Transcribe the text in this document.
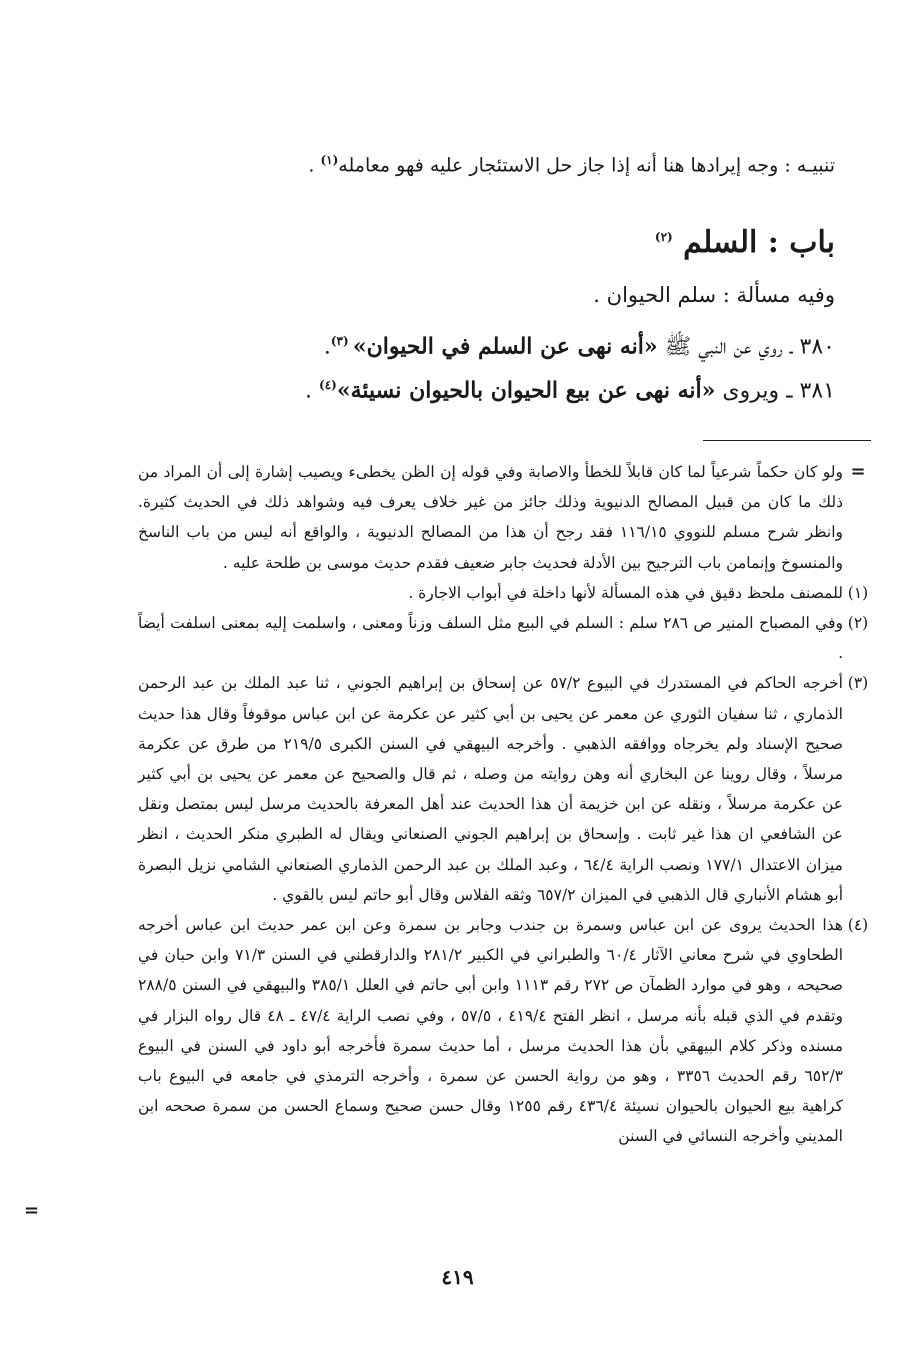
تنبيـه : وجه إيرادها هنا أنه إذا جاز حل الاستئجار عليه فهو معامله$^{(١)}$ .
باب : السلم $^{(٢)}$
وفيه مسألة : سلم الحيوان .
٣٨٠ ـ روي عن النبي ﷺ «أنه نهى عن السلم في الحيوان» $^{(٣)}$.
٣٨١ ـ ويروى «أنه نهى عن بيع الحيوان بالحيوان نسيئة»$^{(٤)}$ .
=
ولو كان حكماً شرعياً لما كان قابلاً للخطأ والاصابة وفي قوله إن الظن يخطىء ويصيب إشارة إلى أن المراد من ذلك ما كان من قبيل المصالح الدنيوية وذلك جائز من غير خلاف يعرف فيه وشواهد ذلك في الحديث كثيرة. وانظر شرح مسلم للنووي ١١٦/١٥ فقد رجح أن هذا من المصالح الدنيوية ، والواقع أنه ليس من باب الناسخ والمنسوخ وإنمامن باب الترجيح بين الأدلة فحديث جابر ضعيف فقدم حديث موسى بن طلحة عليه .
(١)
للمصنف ملحظ دقيق في هذه المسألة لأنها داخلة في أبواب الاجارة .
(٢)
وفي المصباح المنير ص ٢٨٦ سلم : السلم في البيع مثل السلف وزناً ومعنى ، واسلمت إليه بمعنى اسلفت أيضاً .
(٣)
أخرجه الحاكم في المستدرك في البيوع ٥٧/٢ عن إسحاق بن إبراهيم الجوني ، ثنا عبد الملك بن عبد الرحمن الذماري ، ثنا سفيان الثوري عن معمر عن يحيى بن أبي كثير عن عكرمة عن ابن عباس موقوفاً وقال هذا حديث صحيح الإسناد ولم يخرجاه ووافقه الذهبي . وأخرجه البيهقي في السنن الكبرى ٢١٩/٥ من طرق عن عكرمة مرسلاً ، وقال روينا عن البخاري أنه وهن روايته من وصله ، ثم قال والصحيح عن معمر عن يحيى بن أبي كثير عن عكرمة مرسلاً ، ونقله عن ابن خزيمة أن هذا الحديث عند أهل المعرفة بالحديث مرسل ليس بمتصل ونقل عن الشافعي ان هذا غير ثابت . وإسحاق بن إبراهيم الجوني الصنعاني ويقال له الطبري منكر الحديث ، انظر ميزان الاعتدال ١٧٧/١ ونصب الراية ٦٤/٤ ، وعبد الملك بن عبد الرحمن الذماري الصنعاني الشامي نزيل البصرة أبو هشام الأنباري قال الذهبي في الميزان ٦٥٧/٢ وثقه الفلاس وقال أبو حاتم ليس بالقوي .
(٤)
هذا الحديث يروى عن ابن عباس وسمرة بن جندب وجابر بن سمرة وعن ابن عمر حديث ابن عباس أخرجه الطحاوي في شرح معاني الآثار ٦٠/٤ والطبراني في الكبير ٢٨١/٢ والدارقطني في السنن ٧١/٣ وابن حبان في صحيحه ، وهو في موارد الظمآن ص ٢٧٢ رقم ١١١٣ وابن أبي حاتم في العلل ٣٨٥/١ والبيهقي في السنن ٢٨٨/٥ وتقدم في الذي قبله بأنه مرسل ، انظر الفتح ٤١٩/٤ ، ٥٧/٥ ، وفي نصب الراية ٤٧/٤ ـ ٤٨ قال رواه البزار في مسنده وذكر كلام البيهقي بأن هذا الحديث مرسل ، أما حديث سمرة فأخرجه أبو داود في السنن في البيوع ٦٥٢/٣ رقم الحديث ٣٣٥٦ ، وهو من رواية الحسن عن سمرة ، وأخرجه الترمذي في جامعه في البيوع باب كراهية بيع الحيوان بالحيوان نسيئة ٤٣٦/٤ رقم ١٢٥٥ وقال حسن صحيح وسماع الحسن من سمرة صححه ابن المديني وأخرجه النسائي في السنن
=
٤١٩
